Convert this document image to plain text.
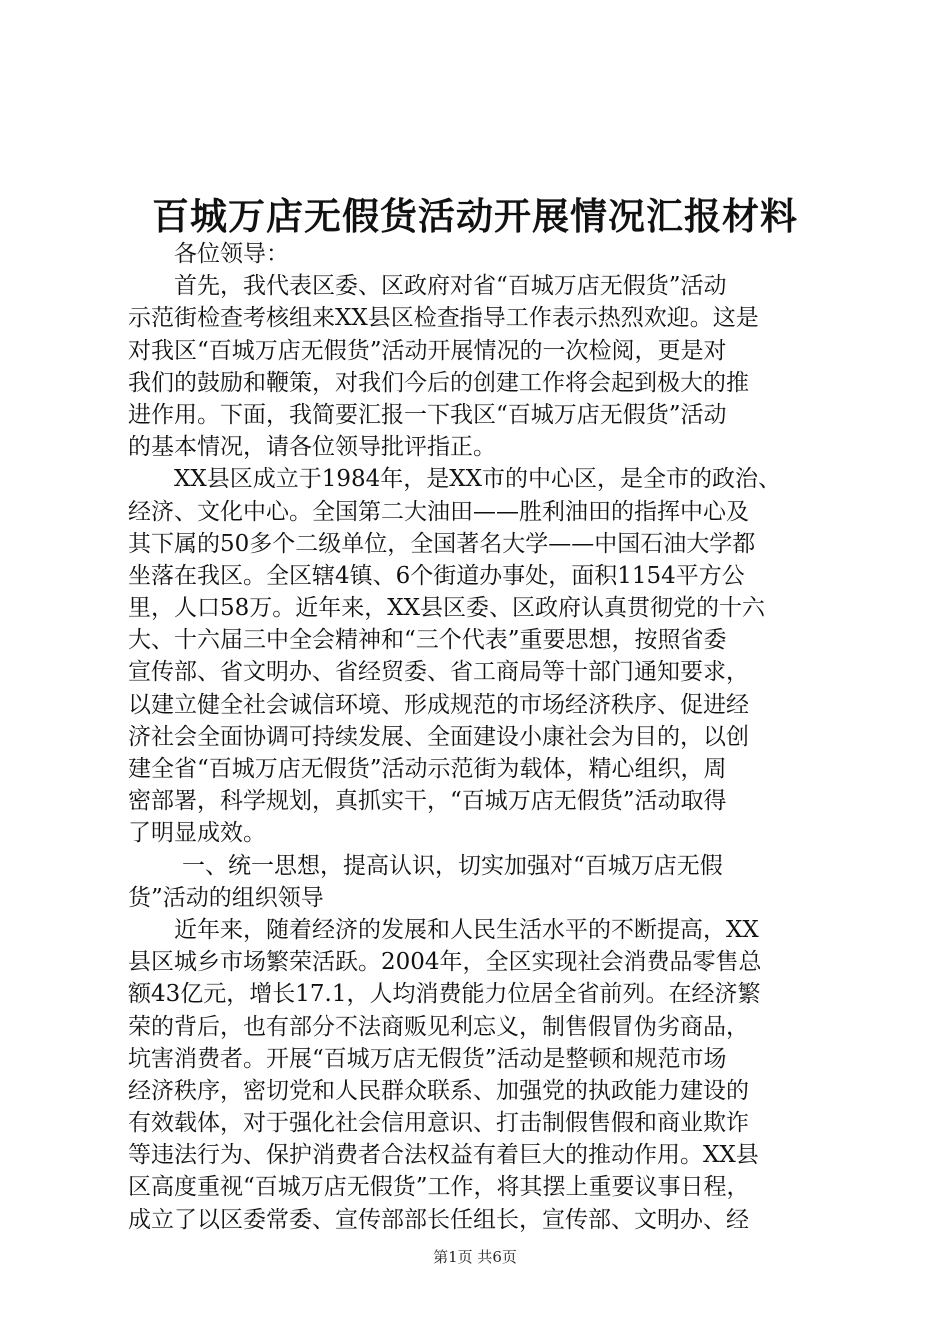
百城万店无假货活动开展情况汇报材料
各位领导：
首先，我代表区委、区政府对省“百城万店无假货”活动
示范街检查考核组来XX县区检查指导工作表示热烈欢迎。这是
对我区“百城万店无假货”活动开展情况的一次检阅，更是对
我们的鼓励和鞭策，对我们今后的创建工作将会起到极大的推
进作用。下面，我简要汇报一下我区“百城万店无假货”活动
的基本情况，请各位领导批评指正。
XX县区成立于1984年，是XX市的中心区，是全市的政治、
经济、文化中心。全国第二大油田——胜利油田的指挥中心及
其下属的50多个二级单位，全国著名大学——中国石油大学都
坐落在我区。全区辖4镇、6个街道办事处，面积1154平方公
里，人口58万。近年来，XX县区委、区政府认真贯彻党的十六
大、十六届三中全会精神和“三个代表”重要思想，按照省委
宣传部、省文明办、省经贸委、省工商局等十部门通知要求，
以建立健全社会诚信环境、形成规范的市场经济秩序、促进经
济社会全面协调可持续发展、全面建设小康社会为目的，以创
建全省“百城万店无假货”活动示范街为载体，精心组织，周
密部署，科学规划，真抓实干，“百城万店无假货”活动取得
了明显成效。
一、统一思想，提高认识，切实加强对“百城万店无假
货”活动的组织领导
近年来，随着经济的发展和人民生活水平的不断提高，XX
县区城乡市场繁荣活跃。2004年，全区实现社会消费品零售总
额43亿元，增长17.1，人均消费能力位居全省前列。在经济繁
荣的背后，也有部分不法商贩见利忘义，制售假冒伪劣商品，
坑害消费者。开展“百城万店无假货”活动是整顿和规范市场
经济秩序，密切党和人民群众联系、加强党的执政能力建设的
有效载体，对于强化社会信用意识、打击制假售假和商业欺诈
等违法行为、保护消费者合法权益有着巨大的推动作用。XX县
区高度重视“百城万店无假货”工作，将其摆上重要议事日程，
成立了以区委常委、宣传部部长任组长，宣传部、文明办、经
第1页 共6页
